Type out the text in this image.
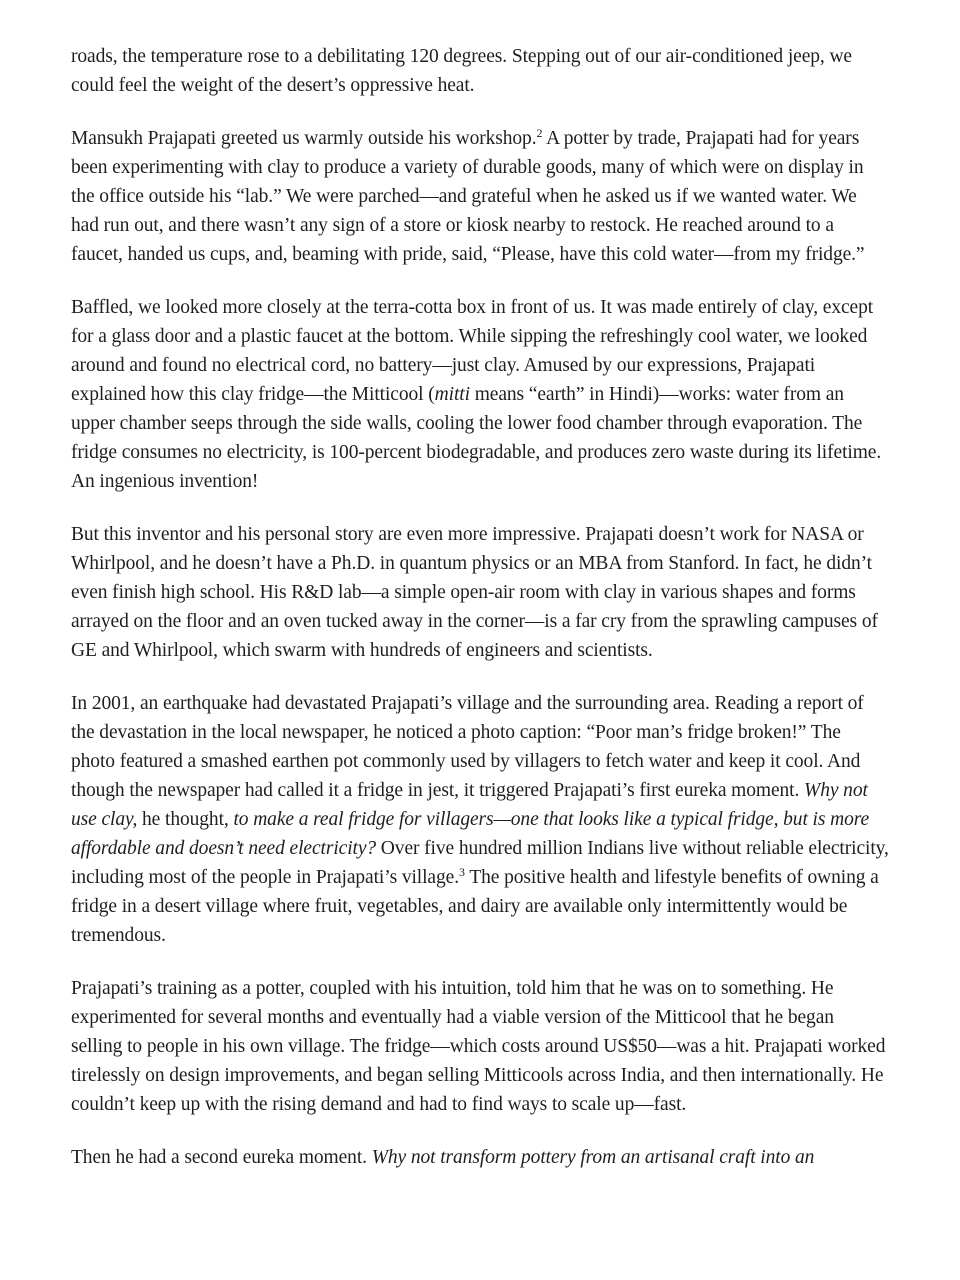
roads, the temperature rose to a debilitating 120 degrees. Stepping out of our air-conditioned jeep, we could feel the weight of the desert’s oppressive heat.

Mansukh Prajapati greeted us warmly outside his workshop.$^2$ A potter by trade, Prajapati had for years been experimenting with clay to produce a variety of durable goods, many of which were on display in the office outside his “lab.” We were parched—and grateful when he asked us if we wanted water. We had run out, and there wasn’t any sign of a store or kiosk nearby to restock. He reached around to a faucet, handed us cups, and, beaming with pride, said, “Please, have this cold water—from my fridge.”

Baffled, we looked more closely at the terra-cotta box in front of us. It was made entirely of clay, except for a glass door and a plastic faucet at the bottom. While sipping the refreshingly cool water, we looked around and found no electrical cord, no battery—just clay. Amused by our expressions, Prajapati explained how this clay fridge—the Mitticool (mitti means “earth” in Hindi)—works: water from an upper chamber seeps through the side walls, cooling the lower food chamber through evaporation. The fridge consumes no electricity, is 100-percent biodegradable, and produces zero waste during its lifetime. An ingenious invention!

But this inventor and his personal story are even more impressive. Prajapati doesn’t work for NASA or Whirlpool, and he doesn’t have a Ph.D. in quantum physics or an MBA from Stanford. In fact, he didn’t even finish high school. His R&D lab—a simple open-air room with clay in various shapes and forms arrayed on the floor and an oven tucked away in the corner—is a far cry from the sprawling campuses of GE and Whirlpool, which swarm with hundreds of engineers and scientists.

In 2001, an earthquake had devastated Prajapati’s village and the surrounding area. Reading a report of the devastation in the local newspaper, he noticed a photo caption: “Poor man’s fridge broken!” The photo featured a smashed earthen pot commonly used by villagers to fetch water and keep it cool. And though the newspaper had called it a fridge in jest, it triggered Prajapati’s first eureka moment. Why not use clay, he thought, to make a real fridge for villagers—one that looks like a typical fridge, but is more affordable and doesn’t need electricity? Over five hundred million Indians live without reliable electricity, including most of the people in Prajapati’s village.$^3$ The positive health and lifestyle benefits of owning a fridge in a desert village where fruit, vegetables, and dairy are available only intermittently would be tremendous.

Prajapati’s training as a potter, coupled with his intuition, told him that he was on to something. He experimented for several months and eventually had a viable version of the Mitticool that he began selling to people in his own village. The fridge—which costs around US$50—was a hit. Prajapati worked tirelessly on design improvements, and began selling Mitticools across India, and then internationally. He couldn’t keep up with the rising demand and had to find ways to scale up—fast.

Then he had a second eureka moment. Why not transform pottery from an artisanal craft into an
